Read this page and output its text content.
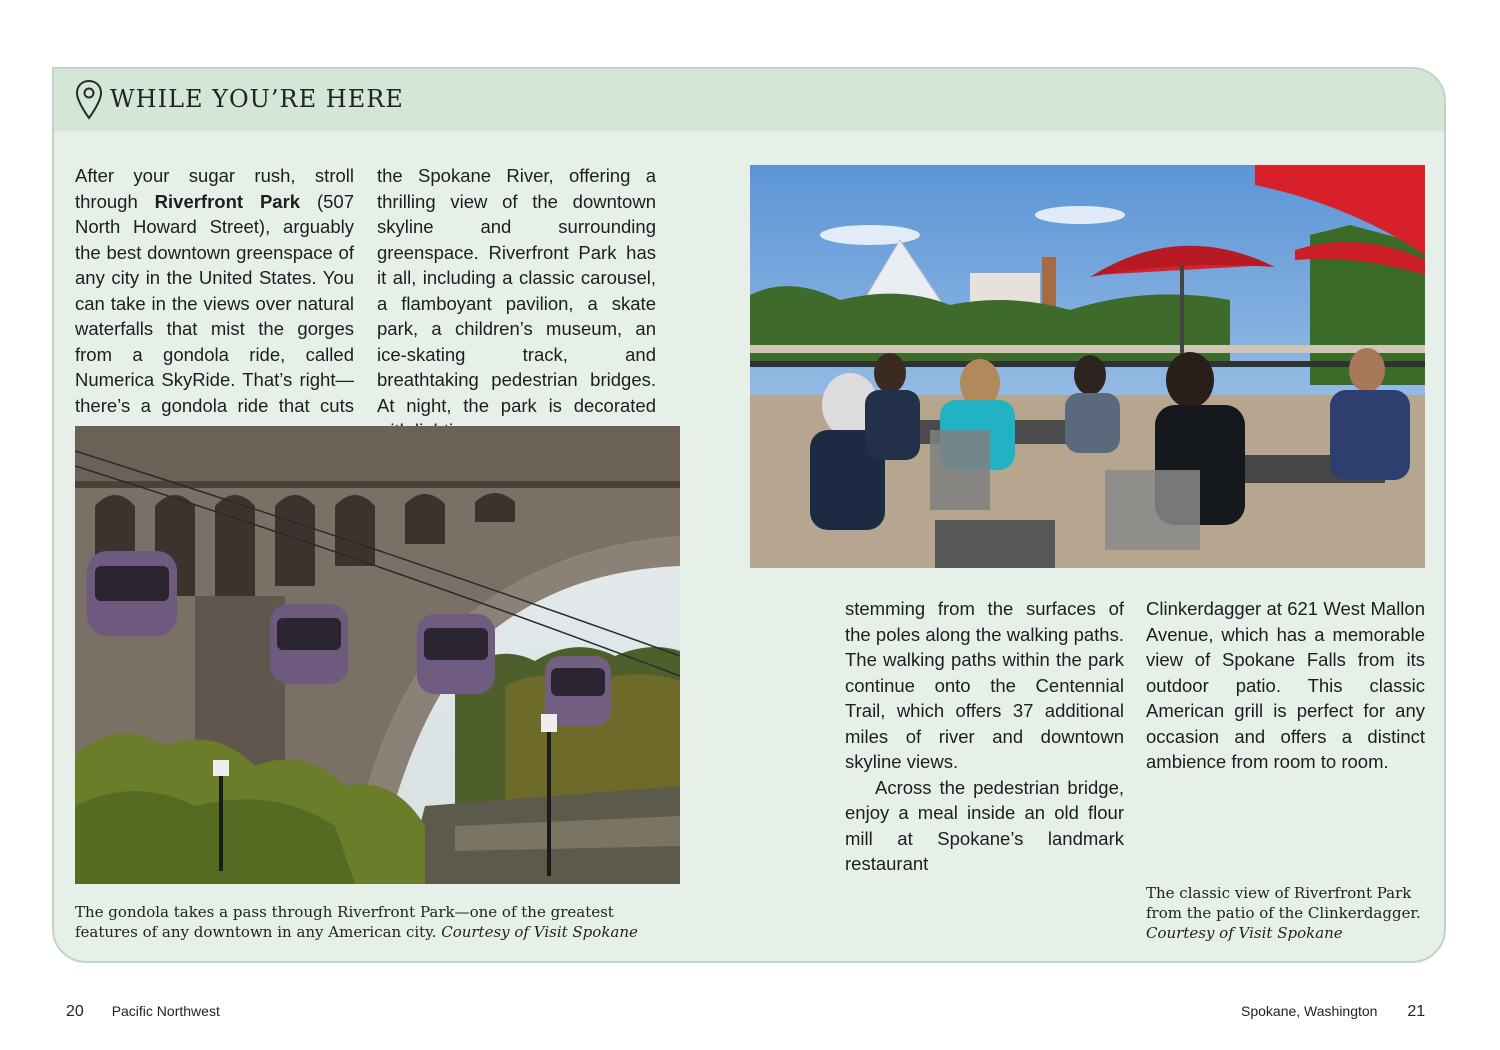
WHILE YOU’RE HERE

After your sugar rush, stroll through Riverfront Park (507 North Howard Street), arguably the best downtown greenspace of any city in the United States. You can take in the views over natural waterfalls that mist the gorges from a gondola ride, called Numerica SkyRide. That’s right—there’s a gondola ride that cuts

the Spokane River, offering a thrilling view of the downtown skyline and surrounding greenspace. Riverfront Park has it all, including a classic carousel, a flamboyant pavilion, a skate park, a children’s museum, an ice-skating track, and breathtaking pedestrian bridges. At night, the park is decorated

stemming from the surfaces of the poles along the walking paths. The walking paths within the park continue onto the Centennial Trail, which offers 37 additional miles of river and downtown skyline views.

Across the pedestrian bridge, enjoy a meal inside an old flour mill at Spokane’s landmark restaurant

Clinkerdagger at 621 West Mallon Avenue, which has a memorable view of Spokane Falls from its outdoor patio. This classic American grill is perfect for any occasion and offers a distinct ambience from room to room.

The gondola takes a pass through Riverfront Park—one of the greatest features of any downtown in any American city. Courtesy of Visit Spokane
The classic view of Riverfront Park from the patio of the Clinkerdagger. Courtesy of Visit Spokane
20 Pacific Northwest	Spokane, Washington 21
